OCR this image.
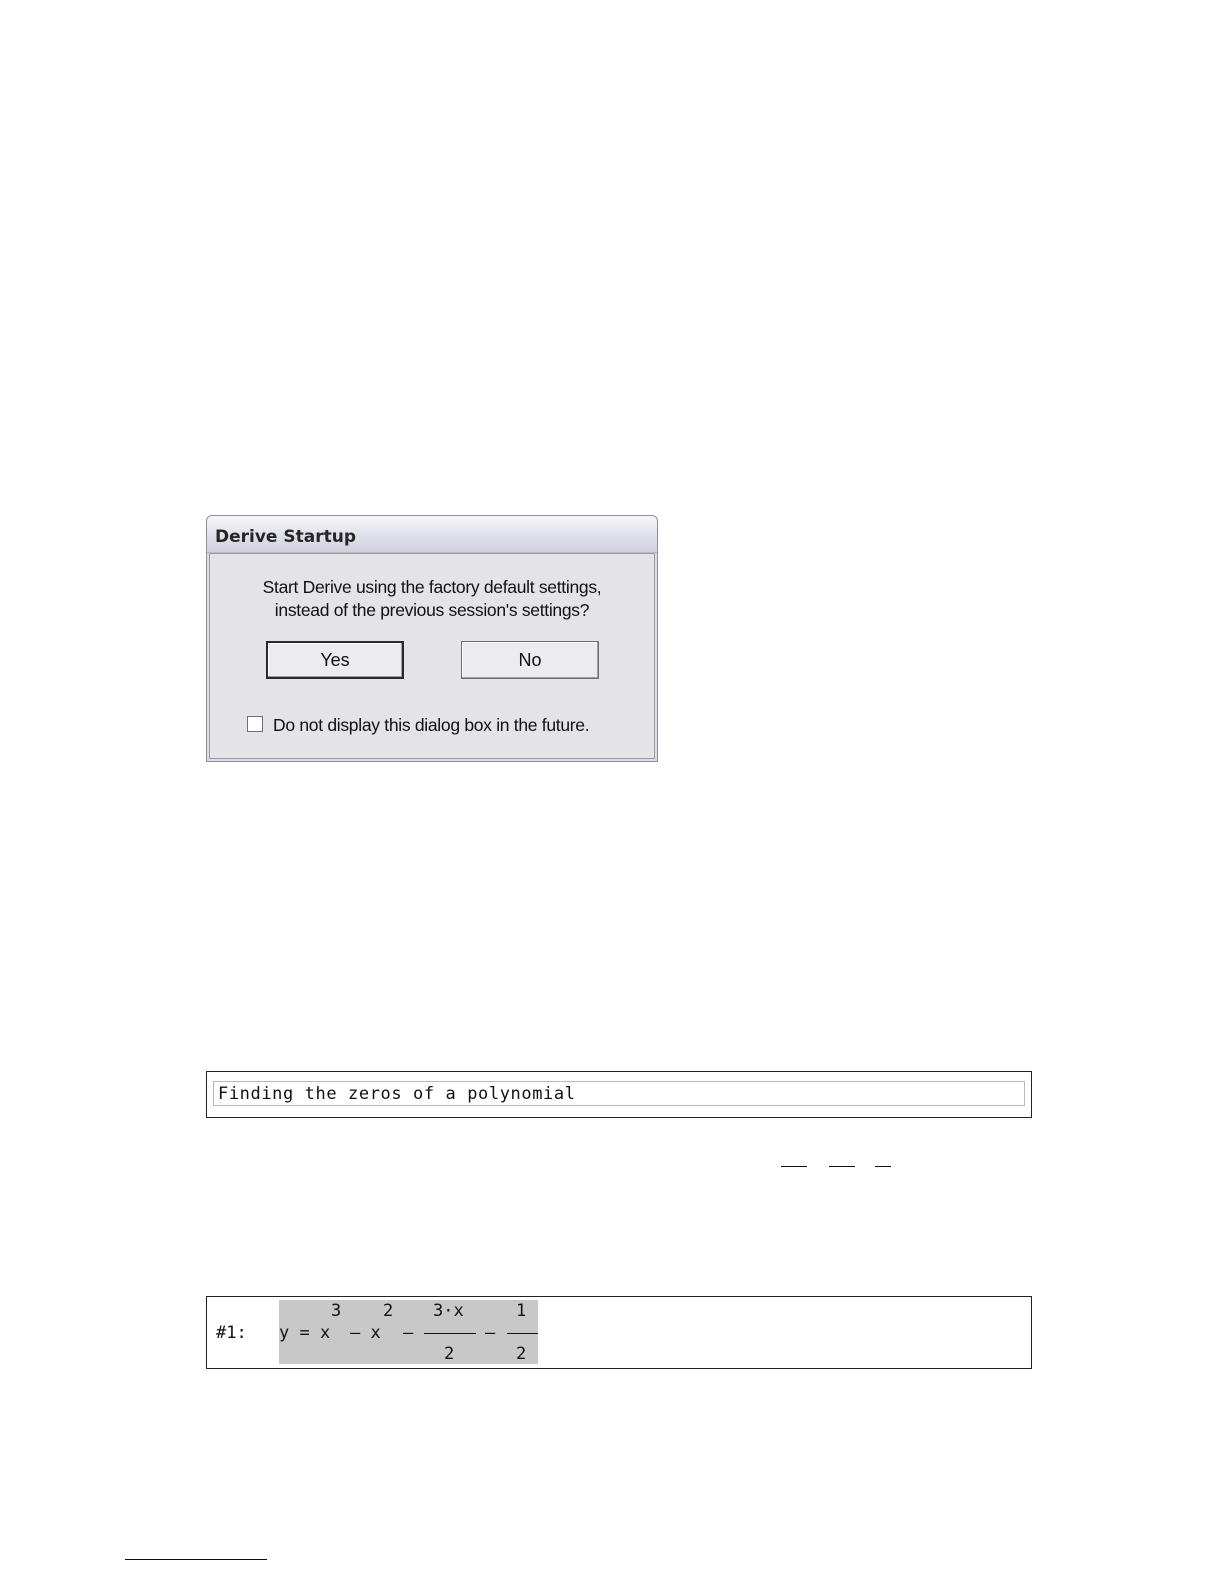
Derive Startup
Start Derive using the factory default settings,
instead of the previous session's settings?
Yes	No
Do not display this dialog box in the future.
Finding the zeros of a polynomial
#1: y = x
3
– x
2
–
3·x
2
–
1
2
